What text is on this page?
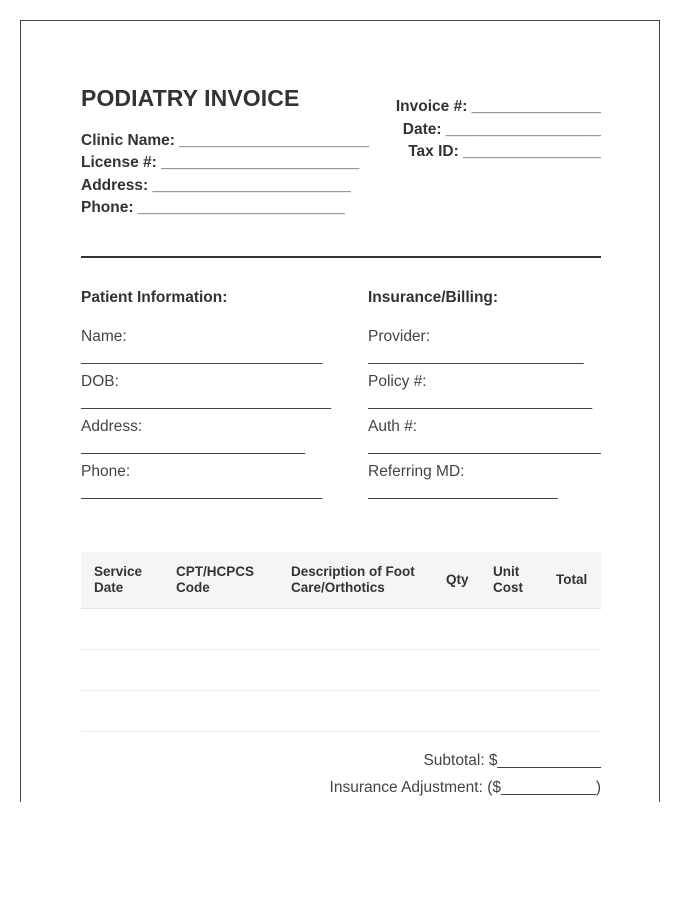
PODIATRY INVOICE
Clinic Name: ______________________
License #: _______________________
Address: _______________________
Phone: ________________________
Invoice #: _______________
Date: __________________
Tax ID: ________________
Patient Information:
Name:
____________________________
DOB:
_____________________________
Address:
__________________________
Phone:
____________________________
Insurance/Billing:
Provider:
_________________________
Policy #:
__________________________
Auth #:
___________________________
Referring MD:
______________________
Service Date	CPT/HCPCS Code	Description of Foot Care/Orthotics	Qty	Unit Cost	Total

Subtotal: $____________
Insurance Adjustment: ($___________)
